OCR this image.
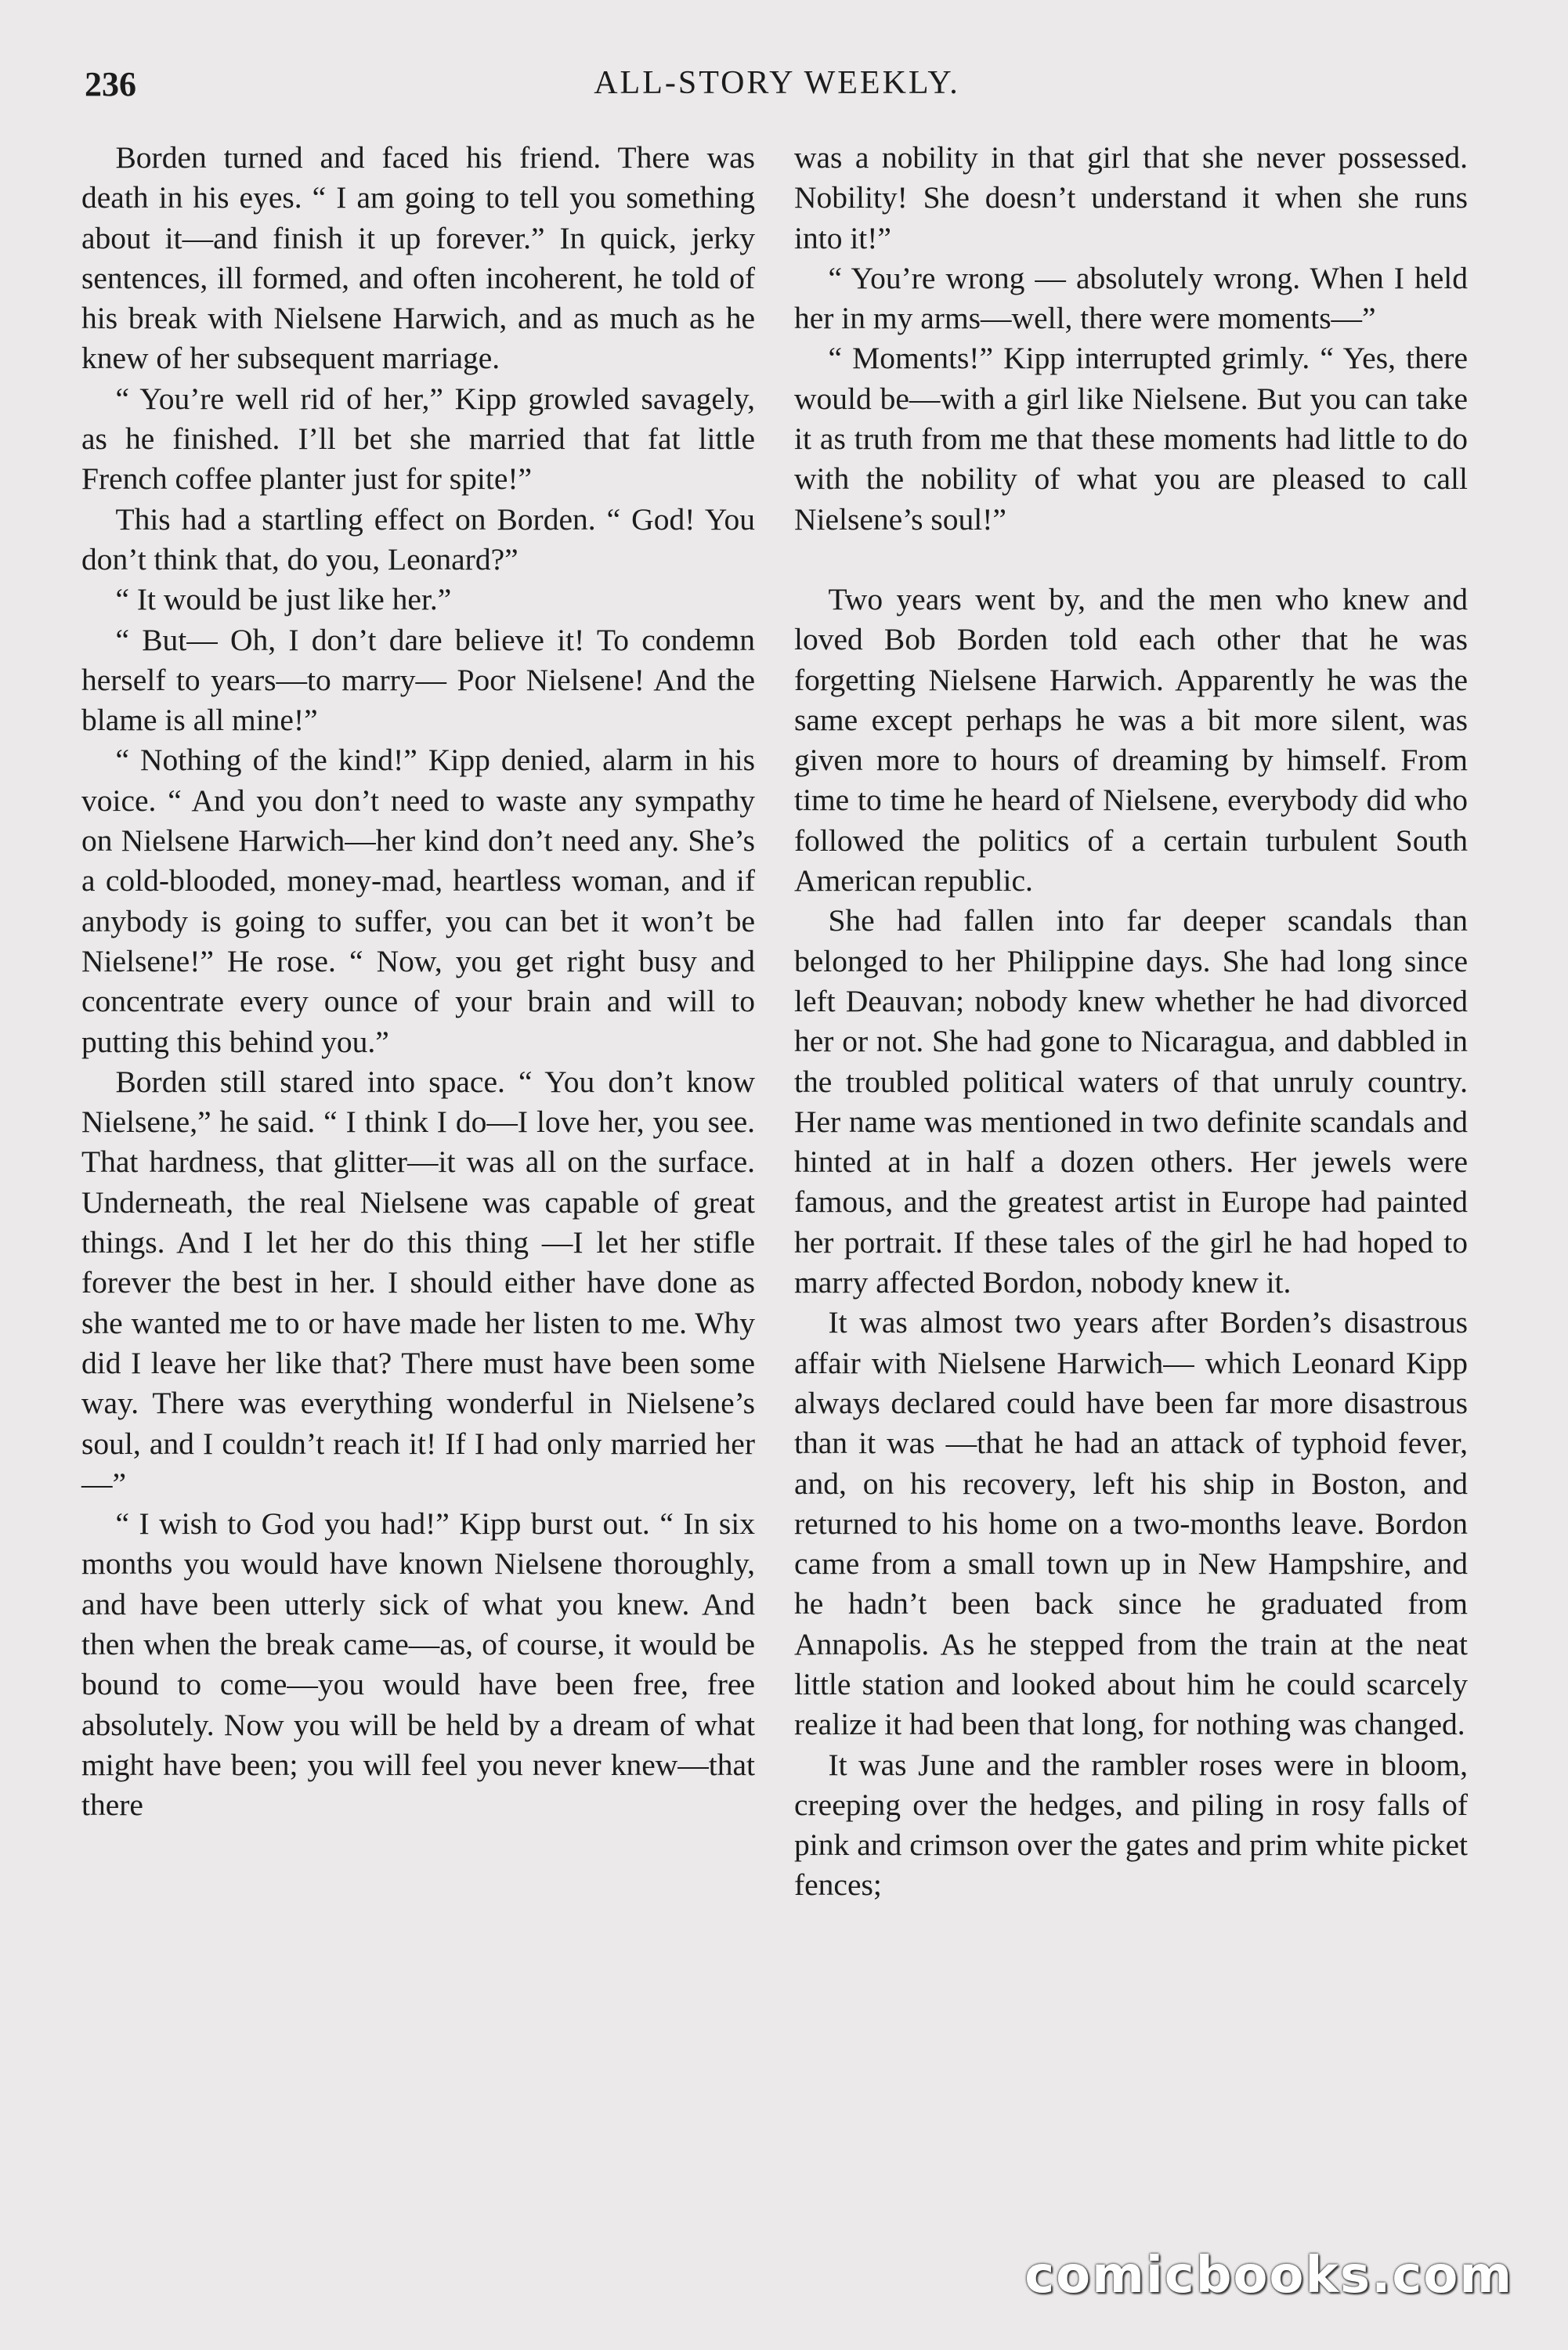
236	ALL-STORY WEEKLY.

Borden turned and faced his friend. There was death in his eyes. “ I am going to tell you something about it—and finish it up forever.” In quick, jerky sentences, ill formed, and often incoherent, he told of his break with Nielsene Harwich, and as much as he knew of her subsequent marriage.

“ You’re well rid of her,” Kipp growled savagely, as he finished. I’ll bet she married that fat little French coffee planter just for spite!”

This had a startling effect on Borden. “ God! You don’t think that, do you, Leonard?”

“ It would be just like her.”

“ But— Oh, I don’t dare believe it! To condemn herself to years—to marry— Poor Nielsene! And the blame is all mine!”

“ Nothing of the kind!” Kipp denied, alarm in his voice. “ And you don’t need to waste any sympathy on Nielsene Harwich—her kind don’t need any. She’s a cold-blooded, money-mad, heartless woman, and if anybody is going to suffer, you can bet it won’t be Nielsene!” He rose. “ Now, you get right busy and concentrate every ounce of your brain and will to putting this behind you.”

Borden still stared into space. “ You don’t know Nielsene,” he said. “ I think I do—I love her, you see. That hardness, that glitter—it was all on the surface. Underneath, the real Nielsene was capable of great things. And I let her do this thing —I let her stifle forever the best in her. I should either have done as she wanted me to or have made her listen to me. Why did I leave her like that? There must have been some way. There was everything wonderful in Nielsene’s soul, and I couldn’t reach it! If I had only married her—”

“ I wish to God you had!” Kipp burst out. “ In six months you would have known Nielsene thoroughly, and have been utterly sick of what you knew. And then when the break came—as, of course, it would be bound to come—you would have been free, free absolutely. Now you will be held by a dream of what might have been; you will feel you never knew—that there

was a nobility in that girl that she never possessed. Nobility! She doesn’t understand it when she runs into it!”

“ You’re wrong — absolutely wrong. When I held her in my arms—well, there were moments—”

“ Moments!” Kipp interrupted grimly. “ Yes, there would be—with a girl like Nielsene. But you can take it as truth from me that these moments had little to do with the nobility of what you are pleased to call Nielsene’s soul!”

Two years went by, and the men who knew and loved Bob Borden told each other that he was forgetting Nielsene Harwich. Apparently he was the same except perhaps he was a bit more silent, was given more to hours of dreaming by himself. From time to time he heard of Nielsene, everybody did who followed the politics of a certain turbulent South American republic.

She had fallen into far deeper scandals than belonged to her Philippine days. She had long since left Deauvan; nobody knew whether he had divorced her or not. She had gone to Nicaragua, and dabbled in the troubled political waters of that unruly country. Her name was mentioned in two definite scandals and hinted at in half a dozen others. Her jewels were famous, and the greatest artist in Europe had painted her portrait. If these tales of the girl he had hoped to marry affected Bordon, nobody knew it.

It was almost two years after Borden’s disastrous affair with Nielsene Harwich— which Leonard Kipp always declared could have been far more disastrous than it was —that he had an attack of typhoid fever, and, on his recovery, left his ship in Boston, and returned to his home on a two-months leave. Bordon came from a small town up in New Hampshire, and he hadn’t been back since he graduated from Annapolis. As he stepped from the train at the neat little station and looked about him he could scarcely realize it had been that long, for nothing was changed.

It was June and the rambler roses were in bloom, creeping over the hedges, and piling in rosy falls of pink and crimson over the gates and prim white picket fences;

comicbooks.com
